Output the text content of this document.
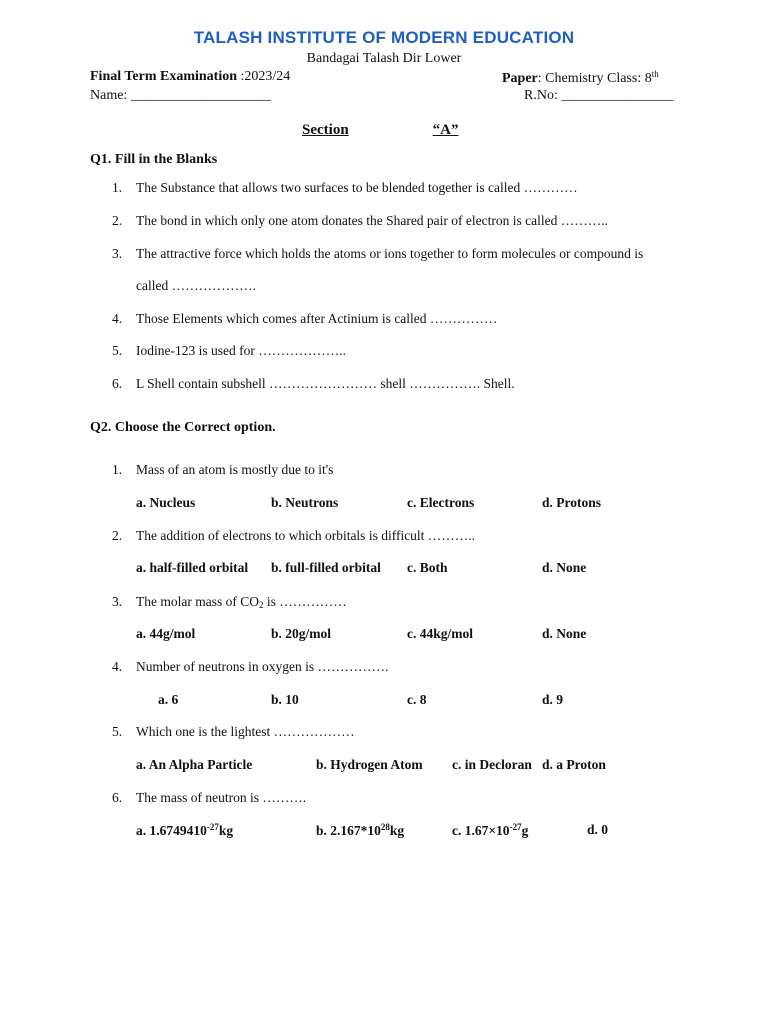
TALASH INSTITUTE OF MODERN EDUCATION
Bandagai Talash Dir Lower
Final Term Examination :2023/24	Paper: Chemistry Class: 8th
Name: ____________________	R.No: ________________
Section	“A”
Q1. Fill in the Blanks
1. The Substance that allows two surfaces to be blended together is called …………
2. The bond in which only one atom donates the Shared pair of electron is called ………..
3. The attractive force which holds the atoms or ions together to form molecules or compound is
called ……………….
4. Those Elements which comes after Actinium is called ……………
5. Iodine-123 is used for ………………..
6. L Shell contain subshell …………………… shell ……………. Shell.
Q2. Choose the Correct option.
1. Mass of an atom is mostly due to it's
a. Nucleus	b. Neutrons	c. Electrons	d. Protons
2. The addition of electrons to which orbitals is difficult ………..
a. half-filled orbital b. full-filled orbital c. Both	d. None
3. The molar mass of $CO_2$ is ……………
a. 44g/mol	b. 20g/mol	c. 44kg/mol	d. None
4. Number of neutrons in oxygen is …………….
a. 6	b. 10	c. 8	d. 9
5. Which one is the lightest ………………
a. An Alpha Particle	b. Hydrogen Atom c. in Decloran d. a Proton
6. The mass of neutron is ……….
a. $1.6749410^{-27}kg$	b. $2.167*10^{28}kg$	c. $1.67\times 10^{-27}g$	d. 0
